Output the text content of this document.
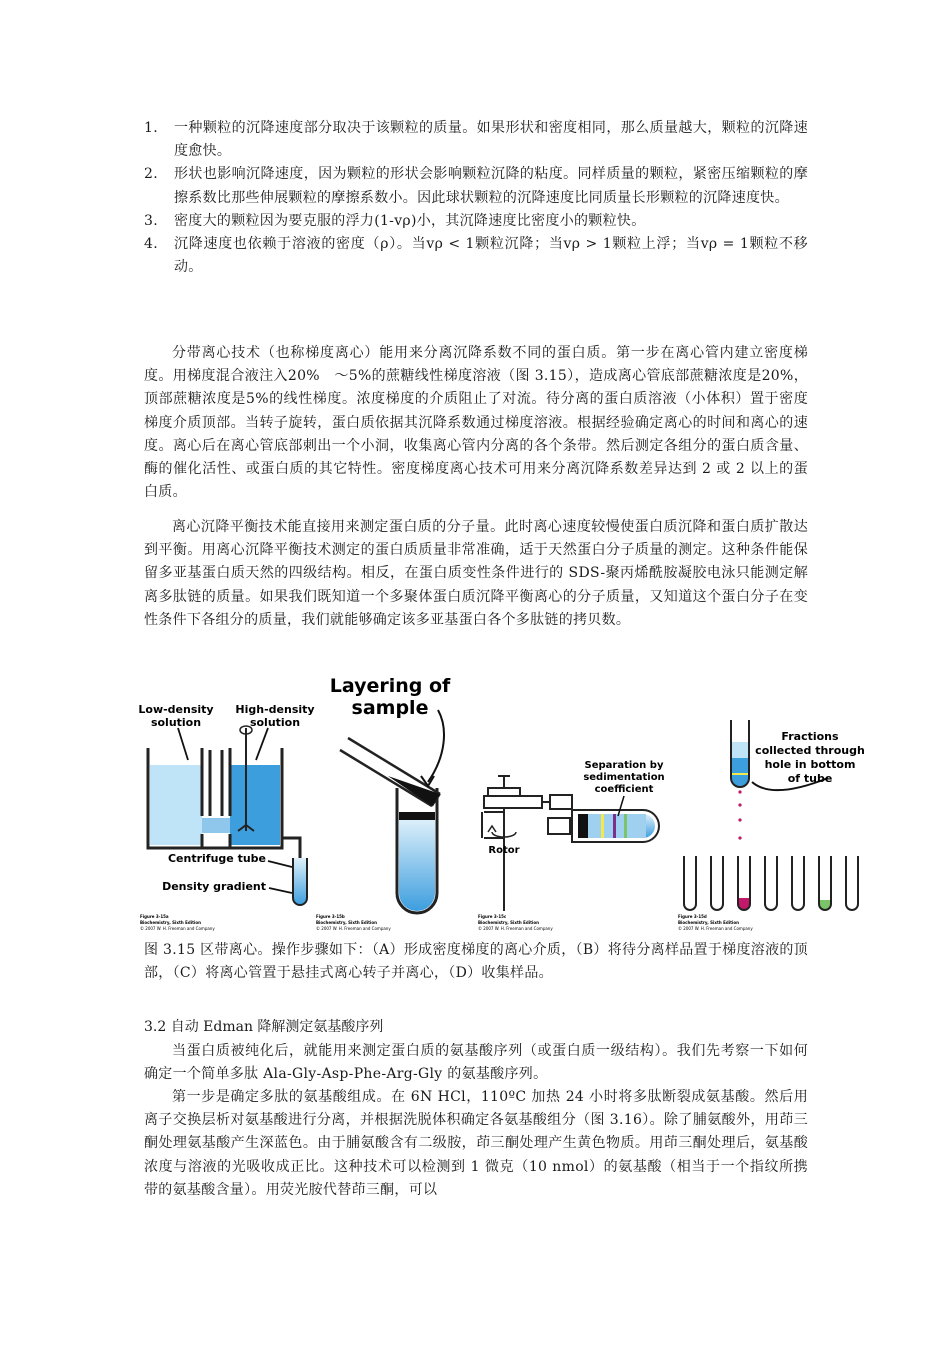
1. 一种颗粒的沉降速度部分取决于该颗粒的质量。如果形状和密度相同，那么质量越大，颗粒的沉降速度愈快。
2. 形状也影响沉降速度，因为颗粒的形状会影响颗粒沉降的粘度。同样质量的颗粒，紧密压缩颗粒的摩擦系数比那些伸展颗粒的摩擦系数小。因此球状颗粒的沉降速度比同质量长形颗粒的沉降速度快。
3. 密度大的颗粒因为要克服的浮力(1-vρ)小，其沉降速度比密度小的颗粒快。
4. 沉降速度也依赖于溶液的密度（ρ）。当vρ < 1颗粒沉降；当vρ > 1颗粒上浮；当vρ = 1颗粒不移动。

分带离心技术（也称梯度离心）能用来分离沉降系数不同的蛋白质。第一步在离心管内建立密度梯度。用梯度混合液注入20%　～5%的蔗糖线性梯度溶液（图 3.15），造成离心管底部蔗糖浓度是20%，顶部蔗糖浓度是5%的线性梯度。浓度梯度的介质阻止了对流。待分离的蛋白质溶液（小体积）置于密度梯度介质顶部。当转子旋转，蛋白质依据其沉降系数通过梯度溶液。根据经验确定离心的时间和离心的速度。离心后在离心管底部刺出一个小洞，收集离心管内分离的各个条带。然后测定各组分的蛋白质含量、酶的催化活性、或蛋白质的其它特性。密度梯度离心技术可用来分离沉降系数差异达到 2 或 2 以上的蛋白质。

离心沉降平衡技术能直接用来测定蛋白质的分子量。此时离心速度较慢使蛋白质沉降和蛋白质扩散达到平衡。用离心沉降平衡技术测定的蛋白质质量非常准确，适于天然蛋白分子质量的测定。这种条件能保留多亚基蛋白质天然的四级结构。相反，在蛋白质变性条件进行的 SDS-聚丙烯酰胺凝胶电泳只能测定解离多肽链的质量。如果我们既知道一个多聚体蛋白质沉降平衡离心的分子质量，又知道这个蛋白分子在变性条件下各组分的质量，我们就能够确定该多亚基蛋白各个多肽链的拷贝数。

Low-density
solution
High-density
solution
Centrifuge tube
Density gradient
Figure 3-15a
Biochemistry, Sixth Edition
© 2007 W. H. Freeman and Company
Layering of
sample
Figure 3-15b
Biochemistry, Sixth Edition
© 2007 W. H. Freeman and Company
Separation by
sedimentation
coefficient
Rotor
Figure 3-15c
Biochemistry, Sixth Edition
© 2007 W. H. Freeman and Company
Fractions
collected through
hole in bottom
of tube
Figure 3-15d
Biochemistry, Sixth Edition
© 2007 W. H. Freeman and Company

图 3.15 区带离心。操作步骤如下：（A）形成密度梯度的离心介质，（B）将待分离样品置于梯度溶液的顶部，（C）将离心管置于悬挂式离心转子并离心，（D）收集样品。

3.2 自动 Edman 降解测定氨基酸序列

当蛋白质被纯化后，就能用来测定蛋白质的氨基酸序列（或蛋白质一级结构）。我们先考察一下如何确定一个简单多肽 Ala-Gly-Asp-Phe-Arg-Gly 的氨基酸序列。

第一步是确定多肽的氨基酸组成。在 6N HCl，110ºC 加热 24 小时将多肽断裂成氨基酸。然后用离子交换层析对氨基酸进行分离，并根据洗脱体积确定各氨基酸组分（图 3.16）。除了脯氨酸外，用茚三酮处理氨基酸产生深蓝色。由于脯氨酸含有二级胺，茚三酮处理产生黄色物质。用茚三酮处理后，氨基酸浓度与溶液的光吸收成正比。这种技术可以检测到 1 微克（10 nmol）的氨基酸（相当于一个指纹所携带的氨基酸含量）。用荧光胺代替茚三酮，可以
